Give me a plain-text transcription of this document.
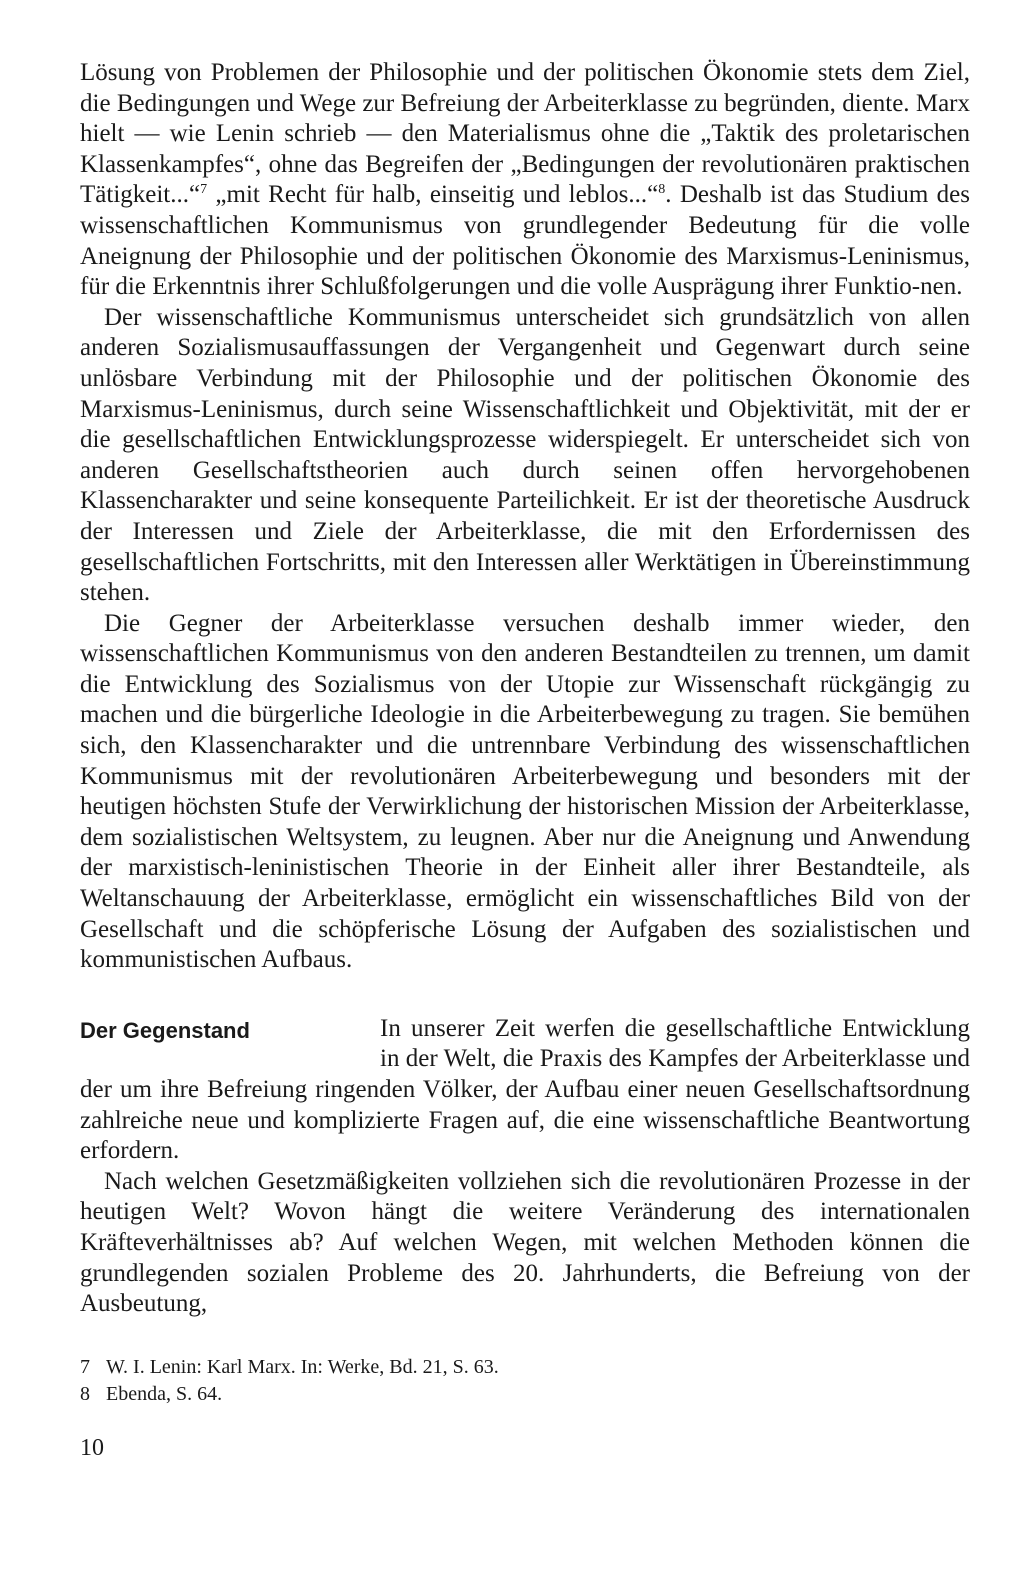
Lösung von Problemen der Philosophie und der politischen Ökonomie stets dem Ziel, die Bedingungen und Wege zur Befreiung der Arbeiterklasse zu begründen, diente. Marx hielt — wie Lenin schrieb — den Materialismus ohne die „Taktik des proletarischen Klassenkampfes“, ohne das Begreifen der „Bedingungen der revolutionären praktischen Tätigkeit...“$^7$ „mit Recht für halb, einseitig und leblos...“$^8$. Deshalb ist das Studium des wissenschaftlichen Kommunismus von grundlegender Bedeutung für die volle Aneignung der Philosophie und der politischen Ökonomie des Marxismus-Leninismus, für die Erkenntnis ihrer Schlußfolgerungen und die volle Ausprägung ihrer Funktio-nen.

Der wissenschaftliche Kommunismus unterscheidet sich grundsätzlich von allen anderen Sozialismusauffassungen der Vergangenheit und Gegenwart durch seine unlösbare Verbindung mit der Philosophie und der politischen Ökonomie des Marxismus-Leninismus, durch seine Wissenschaftlichkeit und Objektivität, mit der er die gesellschaftlichen Entwicklungsprozesse widerspiegelt. Er unterscheidet sich von anderen Gesellschaftstheorien auch durch seinen offen hervorgehobenen Klassencharakter und seine konsequente Parteilichkeit. Er ist der theoretische Ausdruck der Interessen und Ziele der Arbeiterklasse, die mit den Erfordernissen des gesellschaftlichen Fortschritts, mit den Interessen aller Werktätigen in Übereinstimmung stehen.

Die Gegner der Arbeiterklasse versuchen deshalb immer wieder, den wissenschaftlichen Kommunismus von den anderen Bestandteilen zu trennen, um damit die Entwicklung des Sozialismus von der Utopie zur Wissenschaft rückgängig zu machen und die bürgerliche Ideologie in die Arbeiterbewegung zu tragen. Sie bemühen sich, den Klassencharakter und die untrennbare Verbindung des wissenschaftlichen Kommunismus mit der revolutionären Arbeiterbewegung und besonders mit der heutigen höchsten Stufe der Verwirklichung der historischen Mission der Arbeiterklasse, dem sozialistischen Weltsystem, zu leugnen. Aber nur die Aneignung und Anwendung der marxistisch-leninistischen Theorie in der Einheit aller ihrer Bestandteile, als Weltanschauung der Arbeiterklasse, ermöglicht ein wissenschaftliches Bild von der Gesellschaft und die schöpferische Lösung der Aufgaben des sozialistischen und kommunistischen Aufbaus.

Der Gegenstand	In unserer Zeit werfen die gesellschaftliche Entwicklung in der Welt, die Praxis des Kampfes der Arbeiterklasse und der um ihre Befreiung ringenden Völker, der Aufbau einer neuen Gesellschaftsordnung zahlreiche neue und komplizierte Fragen auf, die eine wissenschaftliche Beantwortung erfordern.

Nach welchen Gesetzmäßigkeiten vollziehen sich die revolutionären Prozesse in der heutigen Welt? Wovon hängt die weitere Veränderung des internationalen Kräfteverhältnisses ab? Auf welchen Wegen, mit welchen Methoden können die grundlegenden sozialen Probleme des 20. Jahrhunderts, die Befreiung von der Ausbeutung,

7 W. I. Lenin: Karl Marx. In: Werke, Bd. 21, S. 63.
8 Ebenda, S. 64.
10
